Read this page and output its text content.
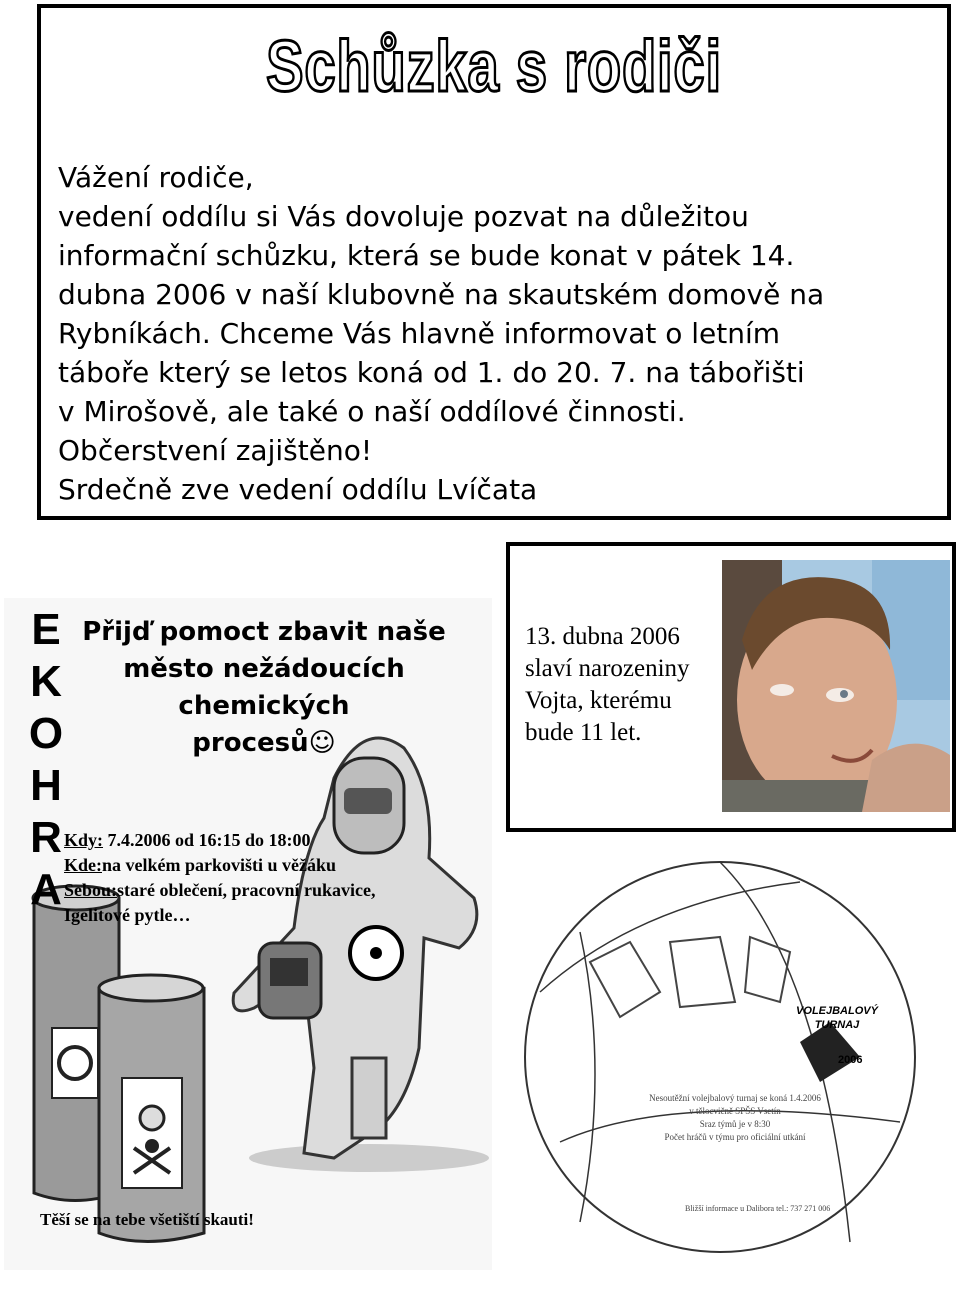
Schůzka s rodiči
Vážení rodiče,
vedení oddílu si Vás dovoluje pozvat na důležitou
informační schůzku, která se bude konat v pátek 14.
dubna 2006 v naší klubovně na skautském domově na
Rybníkách. Chceme Vás hlavně informovat o letním
táboře který se letos koná od 1. do 20. 7. na tábořišti
v Mirošově, ale také o naší oddílové činnosti.
Občerstvení zajištěno!
Srdečně zve vedení oddílu Lvíčata
13. dubna 2006
slaví narozeniny
Vojta, kterému
bude 11 let.
E
K
O
H
R
A
Přijď pomoct zbavit naše
město nežádoucích
chemických
procesů☺
Kdy: 7.4.2006 od 16:15 do 18:00
Kde:na velkém parkovišti u věžáku
Sebou:staré oblečení, pracovní rukavice,
Igelitové pytle…
Těší se na tebe všetiští skauti!
VOLEJBALOVÝ TURNAJ
2006
Nesoutěžní volejbalový turnaj se koná 1.4.2006
v tělocvičně SPŠS Vsetín
Sraz týmů je v 8:30
Počet hráčů v týmu pro oficiální utkání
Bližší informace u Dalibora tel.: 737 271 006
